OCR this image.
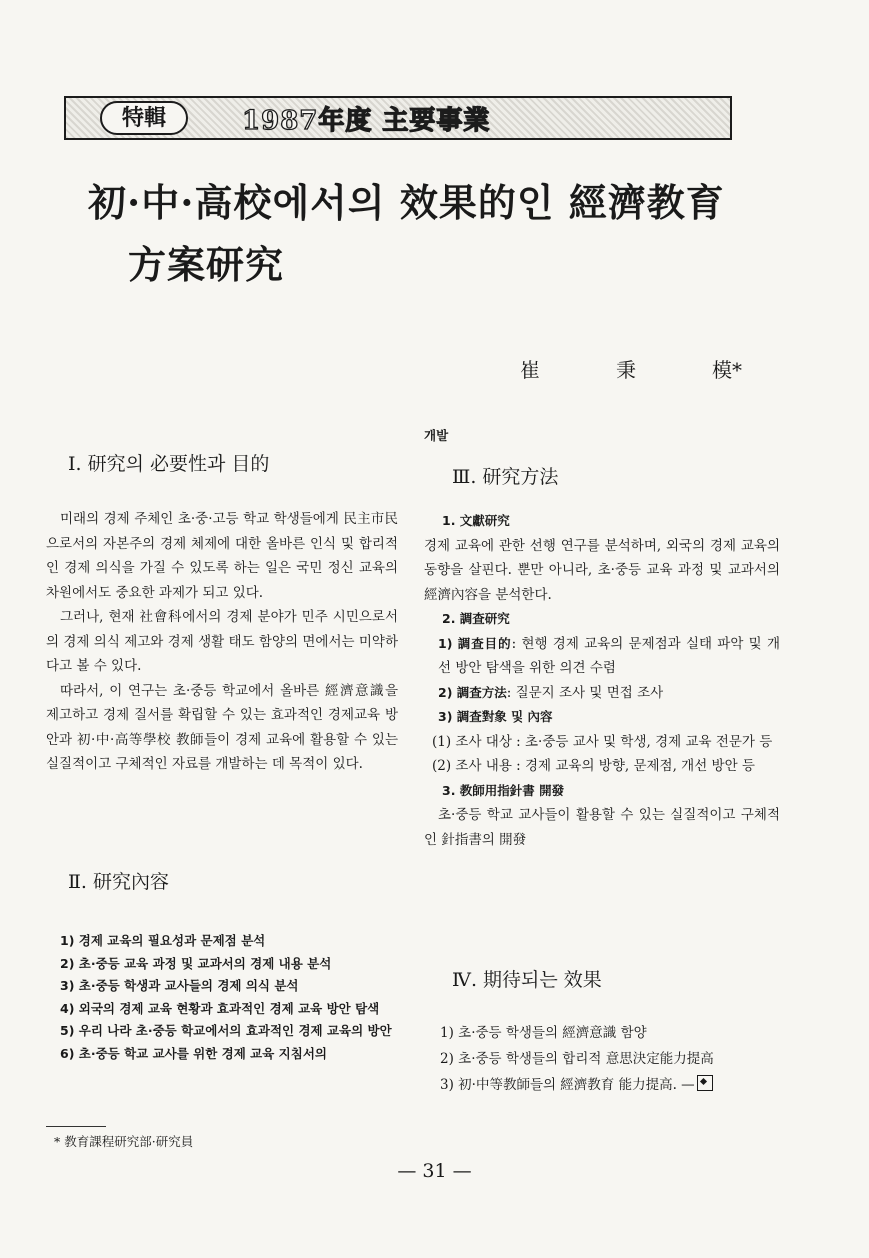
特輯	1987年度 主要事業
初·中·高校에서의 效果的인 經濟教育
方案研究
崔	秉	模*
Ⅰ. 研究의 必要性과 目的

미래의 경제 주체인 초·중·고등 학교 학생들에게 民主市民으로서의 자본주의 경제 체제에 대한 올바른 인식 및 합리적인 경제 의식을 가질 수 있도록 하는 일은 국민 정신 교육의 차원에서도 중요한 과제가 되고 있다.

그러나, 현재 社會科에서의 경제 분야가 민주 시민으로서의 경제 의식 제고와 경제 생활 태도 함양의 면에서는 미약하다고 볼 수 있다.

따라서, 이 연구는 초·중등 학교에서 올바른 經濟意識을 제고하고 경제 질서를 확립할 수 있는 효과적인 경제교육 방안과 初·中·高等學校 教師들이 경제 교육에 활용할 수 있는 실질적이고 구체적인 자료를 개발하는 데 목적이 있다.

Ⅱ. 研究內容
1) 경제 교육의 필요성과 문제점 분석
2) 초·중등 교육 과정 및 교과서의 경제 내용 분석
3) 초·중등 학생과 교사들의 경제 의식 분석
4) 외국의 경제 교육 현황과 효과적인 경제 교육 방안 탐색
5) 우리 나라 초·중등 학교에서의 효과적인 경제 교육의 방안
6) 초·중등 학교 교사를 위한 경제 교육 지침서의
* 教育課程研究部·研究員
개발
Ⅲ. 研究方法
1. 文獻研究
경제 교육에 관한 선행 연구를 분석하며, 외국의 경제 교육의 동향을 살핀다. 뿐만 아니라, 초·중등 교육 과정 및 교과서의 經濟內容을 분석한다.
2. 調查研究
1) 調查目的: 현행 경제 교육의 문제점과 실태 파악 및 개선 방안 탐색을 위한 의견 수렴
2) 調查方法: 질문지 조사 및 면접 조사
3) 調查對象 및 內容
(1) 조사 대상 : 초·중등 교사 및 학생, 경제 교육 전문가 등
(2) 조사 내용 : 경제 교육의 방향, 문제점, 개선 방안 등
3. 教師用指針書 開發
초·중등 학교 교사들이 활용할 수 있는 실질적이고 구체적인 針指書의 開發
Ⅳ. 期待되는 效果
1) 초·중등 학생들의 經濟意識 함양
2) 초·중등 학생들의 합리적 意思決定能力提高
3) 初·中等教師들의 經濟教育 能力提高. —
— 31 —
